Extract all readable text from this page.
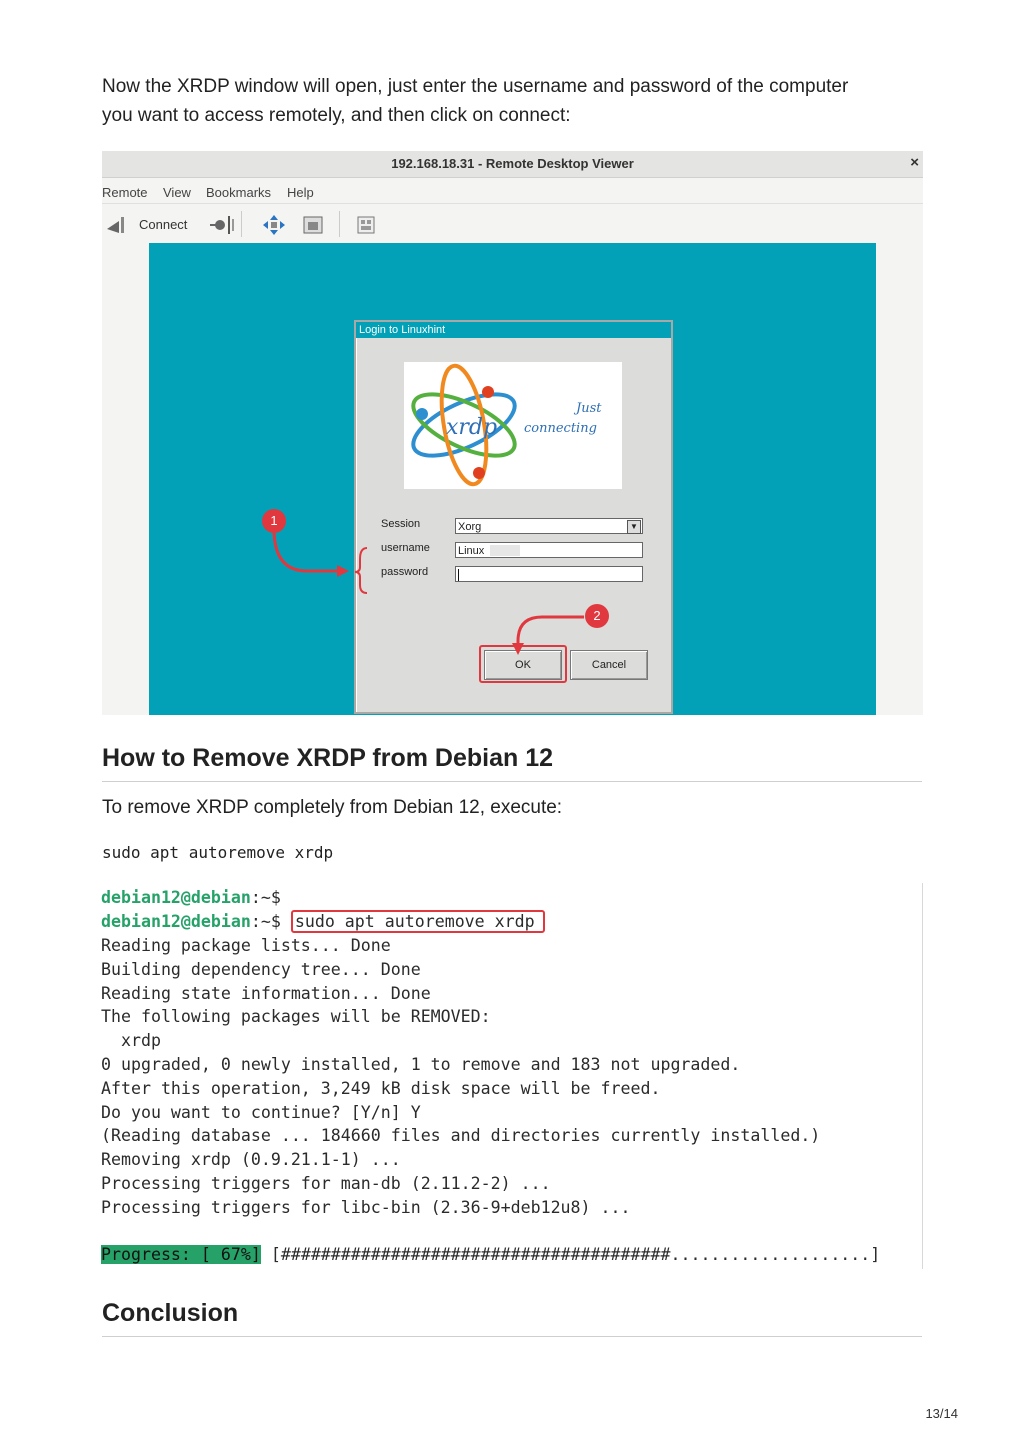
Now the XRDP window will open, just enter the username and password of the computer
you want to access remotely, and then click on connect:
192.168.18.31 - Remote Desktop Viewer	×
Remote View Bookmarks Help
Connect
Login to Linuxhint
xrdp
Just
connecting
Session	Xorg	▼
username	Linux
password
OK	Cancel
1
2
How to Remove XRDP from Debian 12
To remove XRDP completely from Debian 12, execute:
sudo apt autoremove xrdp
debian12@debian:~$
debian12@debian:~$ sudo apt autoremove xrdp
Reading package lists... Done
Building dependency tree... Done
Reading state information... Done
The following packages will be REMOVED:
xrdp
0 upgraded, 0 newly installed, 1 to remove and 183 not upgraded.
After this operation, 3,249 kB disk space will be freed.
Do you want to continue? [Y/n] Y
(Reading database ... 184660 files and directories currently installed.)
Removing xrdp (0.9.21.1-1) ...
Processing triggers for man-db (2.11.2-2) ...
Processing triggers for libc-bin (2.36-9+deb12u8) ...
Progress: [ 67%] [#######################################....................]
Conclusion
13/14
